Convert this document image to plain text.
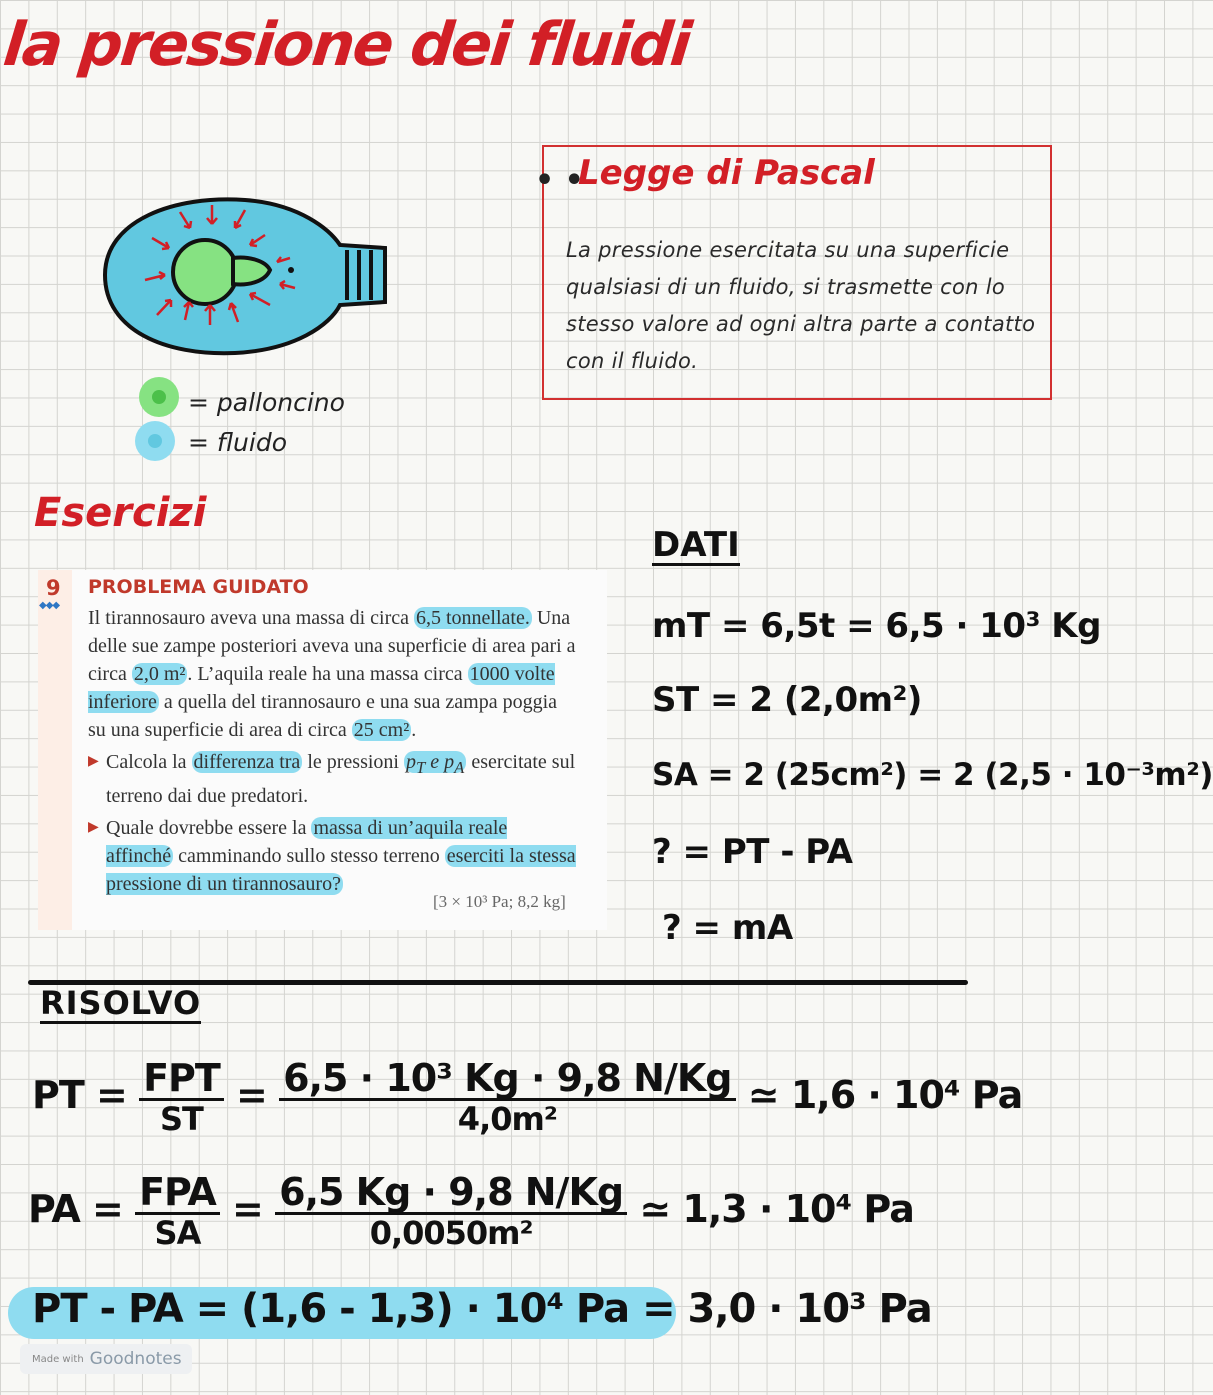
la pressione dei fluidi
= palloncino
= fluido
• •
Legge di Pascal
La pressione esercitata su una superficie qualsiasi di un fluido, si trasmette con lo stesso valore ad ogni altra parte a contatto con il fluido.
Esercizi
9
◆◆◆
PROBLEMA GUIDATO
Il tirannosauro aveva una massa di circa 6,5 tonnellate. Una delle sue zampe posteriori aveva una superficie di area pari a circa 2,0 m² . L’aquila reale ha una massa circa 1000 volte inferiore a quella del tirannosauro e una sua zampa poggia su una superficie di area di circa 25 cm² .
▶ Calcola la differenza tra le pressioni $p_T$ e $p_A$ esercitate sul terreno dai due predatori.
▶ Quale dovrebbe essere la massa di un’aquila reale affinché camminando sullo stesso terreno eserciti la stessa pressione di un tirannosauro?
[3 × 10³ Pa; 8,2 kg]
DATI
mT = 6,5t = 6,5 · 10³ Kg
ST = 2 (2,0m²)
SA = 2 (25cm²) = 2 (2,5 · 10⁻³m²)
? = PT - PA
? = mA
RISOLVO
PT = $\frac{\text{FPT}}{ST} = \frac{\text{6,5 · 10³ Kg · 9,8 N/Kg}}{\text{4,0m²}}$ ≃ 1,6 · 10⁴ Pa
PA = $\frac{\text{FPA}}{SA} = \frac{6,5 Kg \cdot 9,8 N/Kg}{\text{0,0050m²}}$ ≃ 1,3 · 10⁴ Pa
PT - PA = (1,6 - 1,3) · 10⁴ Pa = 3,0 · 10³ Pa
Made with Goodnotes
